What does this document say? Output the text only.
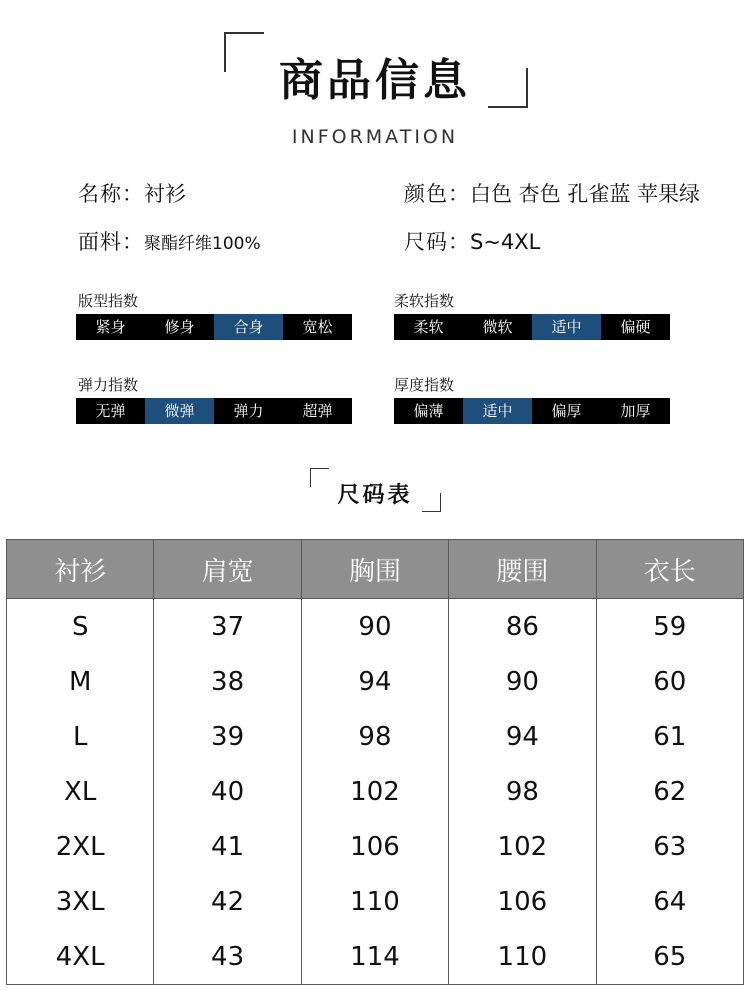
商品信息
INFORMATION
名称：衬衫	颜色：白色 杏色 孔雀蓝 苹果绿
面料：聚酯纤维100%	尺码：S~4XL
版型指数
紧身	修身	合身	宽松
柔软指数
柔软	微软	适中	偏硬
弹力指数
无弹	微弹	弹力	超弹
厚度指数
偏薄	适中	偏厚	加厚
尺码表
衬衫	肩宽	胸围	腰围	衣长
S	37	90	86	59
M	38	94	90	60
L	39	98	94	61
XL	40	102	98	62
2XL	41	106	102	63
3XL	42	110	106	64
4XL	43	114	110	65
